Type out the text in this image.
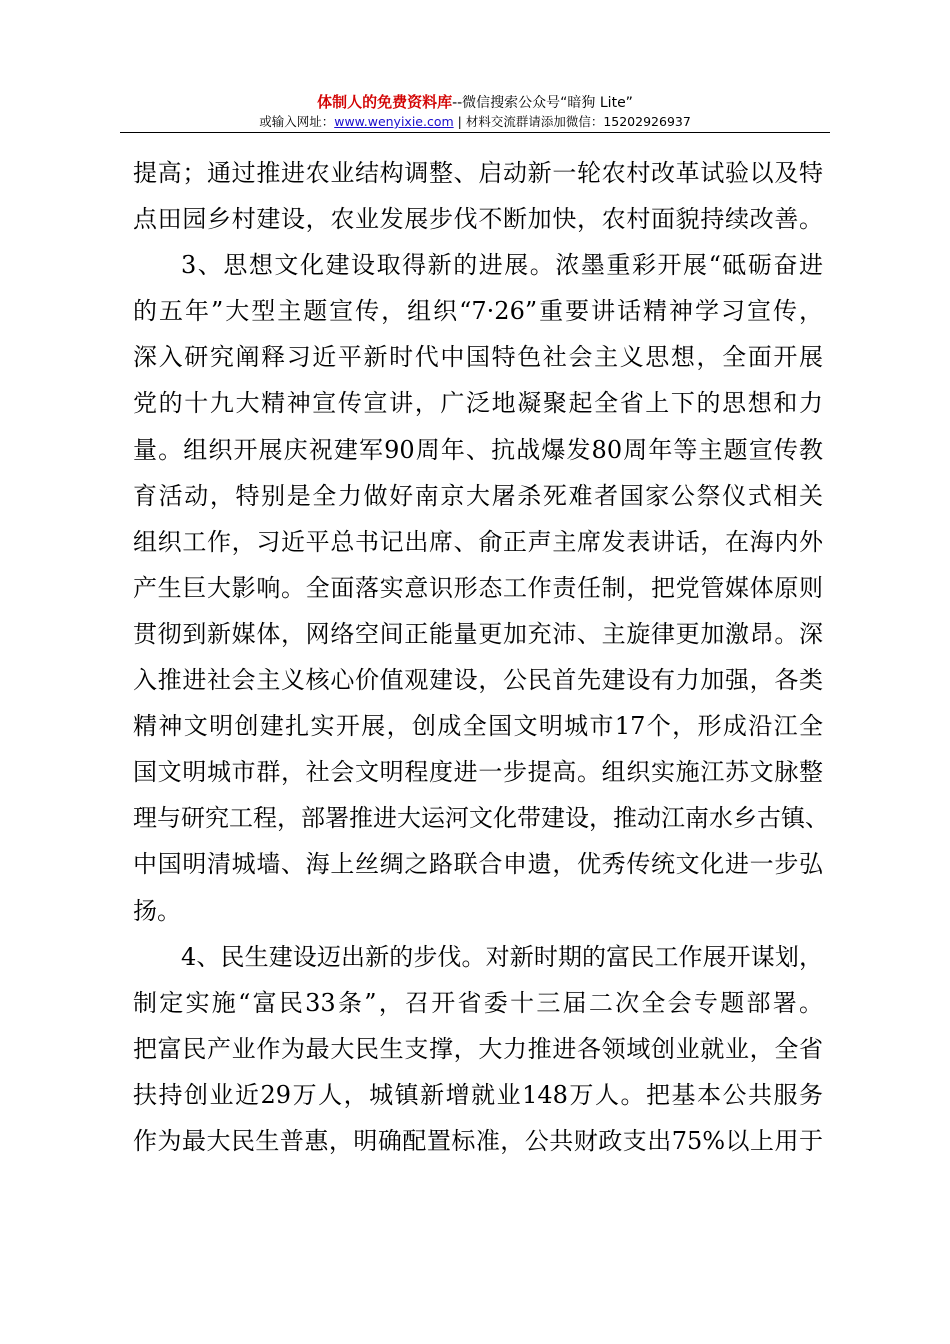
体制人的免费资料库--微信搜索公众号“暗狗 Lite”
或输入网址：www.wenyixie.com | 材料交流群请添加微信：15202926937
提高；通过推进农业结构调整、启动新一轮农村改革试验以及特
点田园乡村建设，农业发展步伐不断加快，农村面貌持续改善。
3、思想文化建设取得新的进展。浓墨重彩开展“砥砺奋进
的五年”大型主题宣传，组织“7·26”重要讲话精神学习宣传，
深入研究阐释习近平新时代中国特色社会主义思想，全面开展
党的十九大精神宣传宣讲，广泛地凝聚起全省上下的思想和力
量。组织开展庆祝建军90周年、抗战爆发80周年等主题宣传教
育活动，特别是全力做好南京大屠杀死难者国家公祭仪式相关
组织工作，习近平总书记出席、俞正声主席发表讲话，在海内外
产生巨大影响。全面落实意识形态工作责任制，把党管媒体原则
贯彻到新媒体，网络空间正能量更加充沛、主旋律更加激昂。深
入推进社会主义核心价值观建设，公民首先建设有力加强，各类
精神文明创建扎实开展，创成全国文明城市17个，形成沿江全
国文明城市群，社会文明程度进一步提高。组织实施江苏文脉整
理与研究工程，部署推进大运河文化带建设，推动江南水乡古镇、
中国明清城墙、海上丝绸之路联合申遗，优秀传统文化进一步弘
扬。
4、民生建设迈出新的步伐。对新时期的富民工作展开谋划，
制定实施“富民33条”，召开省委十三届二次全会专题部署。
把富民产业作为最大民生支撑，大力推进各领域创业就业，全省
扶持创业近29万人，城镇新增就业148万人。把基本公共服务
作为最大民生普惠，明确配置标准，公共财政支出75%以上用于
